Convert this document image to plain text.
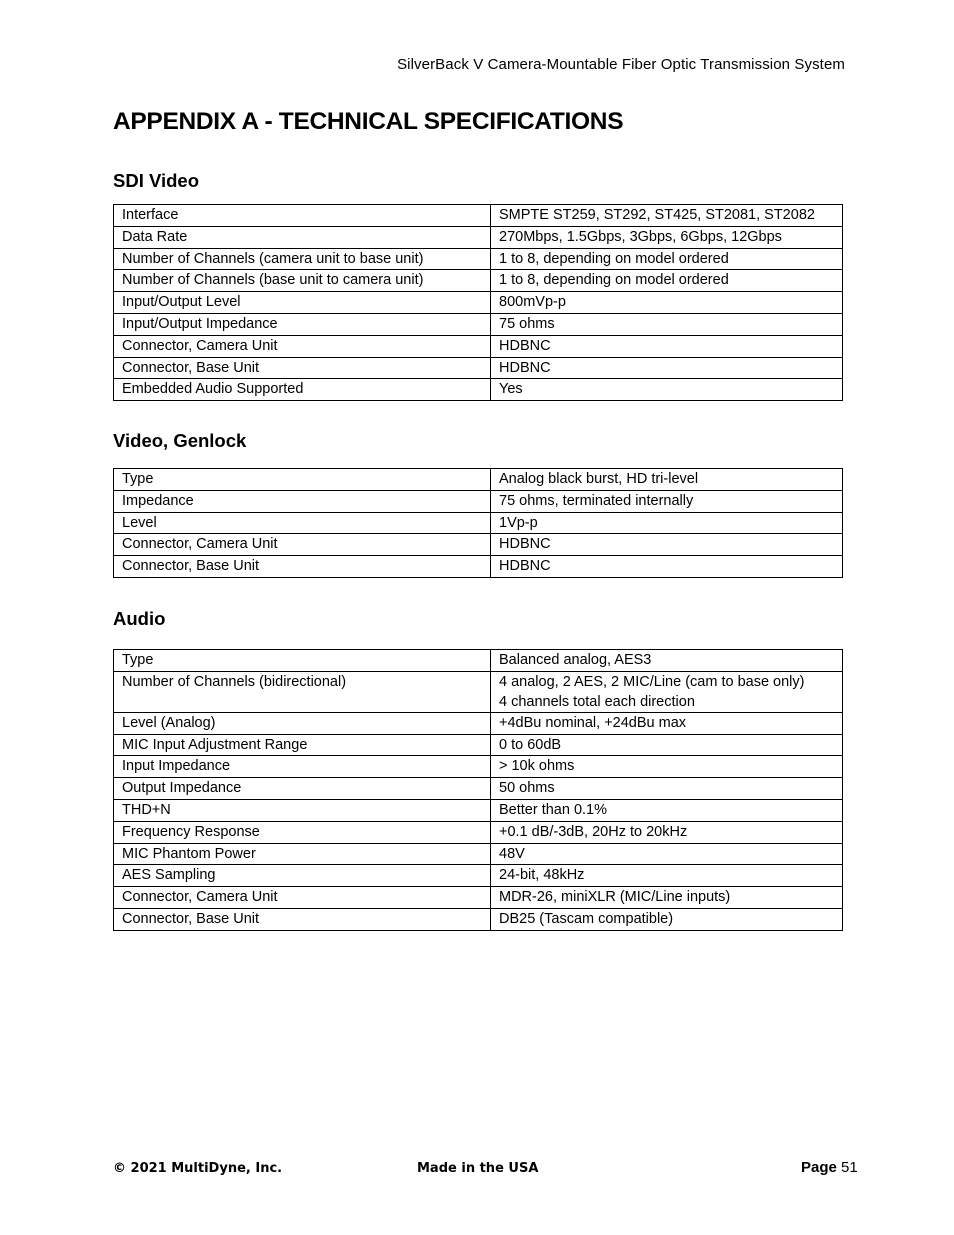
SilverBack V Camera-Mountable Fiber Optic Transmission System
APPENDIX A - TECHNICAL SPECIFICATIONS
SDI Video
Interface	SMPTE ST259, ST292, ST425, ST2081, ST2082

Data Rate	270Mbps, 1.5Gbps, 3Gbps, 6Gbps, 12Gbps

Number of Channels (camera unit to base unit)	1 to 8, depending on model ordered

Number of Channels (base unit to camera unit)	1 to 8, depending on model ordered

Input/Output Level	800mVp-p

Input/Output Impedance	75 ohms

Connector, Camera Unit	HDBNC

Connector, Base Unit	HDBNC

Embedded Audio Supported	Yes
Video, Genlock
Type	Analog black burst, HD tri-level

Impedance	75 ohms, terminated internally

Level	1Vp-p

Connector, Camera Unit	HDBNC

Connector, Base Unit	HDBNC
Audio
Type	Balanced analog, AES3

Number of Channels (bidirectional)	4 analog, 2 AES, 2 MIC/Line (cam to base only)
4 channels total each direction

Level (Analog)	+4dBu nominal, +24dBu max

MIC Input Adjustment Range	0 to 60dB

Input Impedance	> 10k ohms

Output Impedance	50 ohms

THD+N	Better than 0.1%

Frequency Response	+0.1 dB/-3dB, 20Hz to 20kHz

MIC Phantom Power	48V

AES Sampling	24-bit, 48kHz

Connector, Camera Unit	MDR-26, miniXLR (MIC/Line inputs)

Connector, Base Unit	DB25 (Tascam compatible)
© 2021 MultiDyne, Inc.	Made in the USA	Page 51
